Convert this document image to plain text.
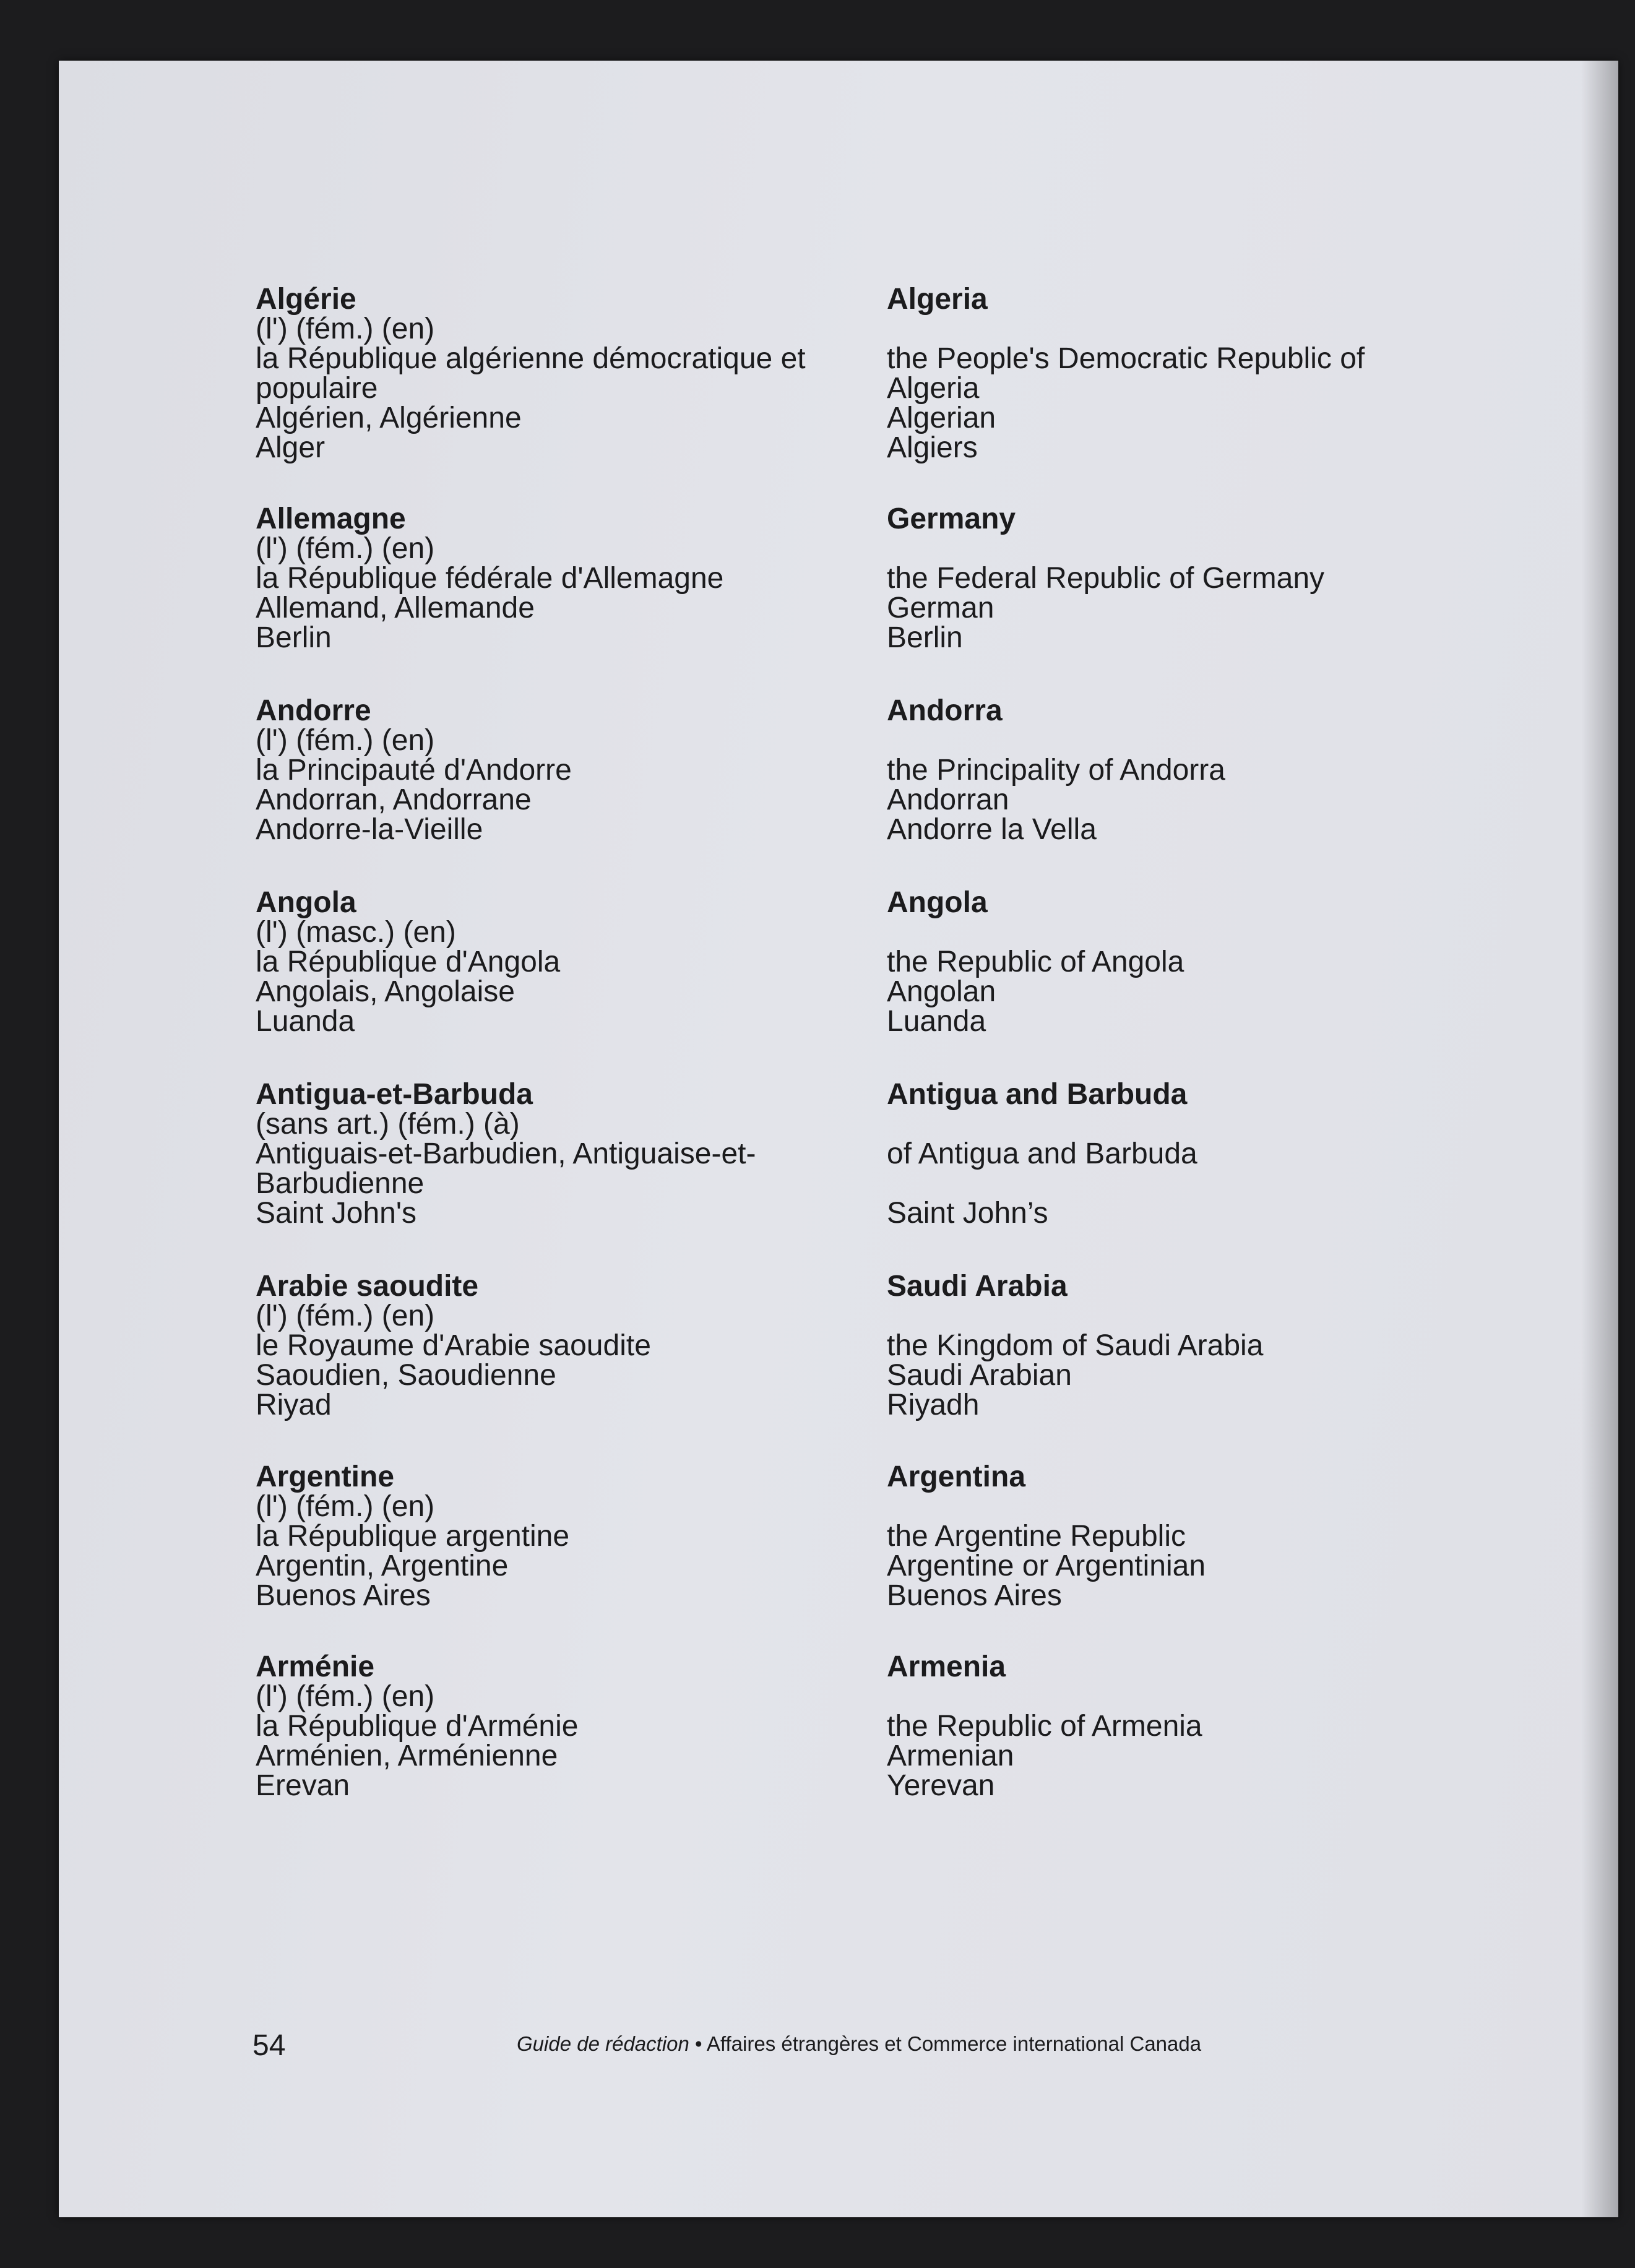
Algérie
(l') (fém.) (en)
la République algérienne démocratique et
populaire
Algérien, Algérienne
Alger
Algeria
the People's Democratic Republic of
Algeria
Algerian
Algiers
Allemagne
(l') (fém.) (en)
la République fédérale d'Allemagne
Allemand, Allemande
Berlin
Germany
the Federal Republic of Germany
German
Berlin
Andorre
(l') (fém.) (en)
la Principauté d'Andorre
Andorran, Andorrane
Andorre-la-Vieille
Andorra
the Principality of Andorra
Andorran
Andorre la Vella
Angola
(l') (masc.) (en)
la République d'Angola
Angolais, Angolaise
Luanda
Angola
the Republic of Angola
Angolan
Luanda
Antigua-et-Barbuda
(sans art.) (fém.) (à)
Antiguais-et-Barbudien, Antiguaise-et-
Barbudienne
Saint John's
Antigua and Barbuda
of Antigua and Barbuda
Saint John’s
Arabie saoudite
(l') (fém.) (en)
le Royaume d'Arabie saoudite
Saoudien, Saoudienne
Riyad
Saudi Arabia
the Kingdom of Saudi Arabia
Saudi Arabian
Riyadh
Argentine
(l') (fém.) (en)
la République argentine
Argentin, Argentine
Buenos Aires
Argentina
the Argentine Republic
Argentine or Argentinian
Buenos Aires
Arménie
(l') (fém.) (en)
la République d'Arménie
Arménien, Arménienne
Erevan
Armenia
the Republic of Armenia
Armenian
Yerevan
54	Guide de rédaction • Affaires étrangères et Commerce international Canada
